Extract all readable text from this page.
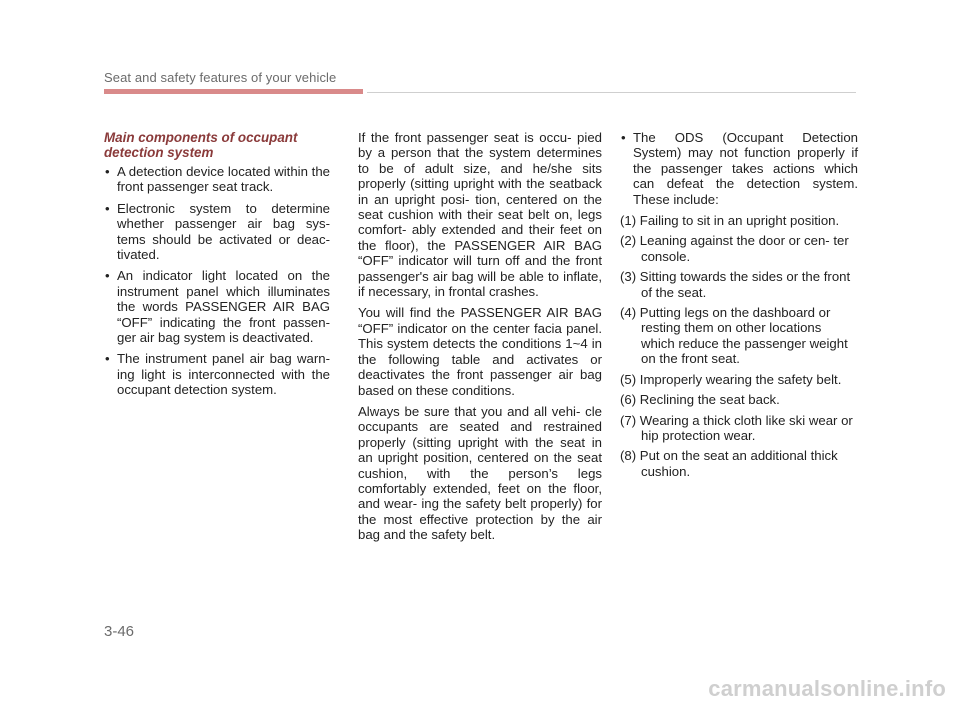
Seat and safety features of your vehicle

Main components of occupant detection system

• A detection device located within the front passenger seat track.

• Electronic system to determine whether passenger air bag sys- tems should be activated or deac- tivated.

• An indicator light located on the instrument panel which illuminates the words PASSENGER AIR BAG “OFF” indicating the front passen- ger air bag system is deactivated.

• The instrument panel air bag warn- ing light is interconnected with the occupant detection system.

If the front passenger seat is occu- pied by a person that the system determines to be of adult size, and he/she sits properly (sitting upright with the seatback in an upright posi- tion, centered on the seat cushion with their seat belt on, legs comfort- ably extended and their feet on the floor), the PASSENGER AIR BAG “OFF” indicator will turn off and the front passenger's air bag will be able to inflate, if necessary, in frontal crashes.

You will find the PASSENGER AIR BAG “OFF” indicator on the center facia panel. This system detects the conditions 1~4 in the following table and activates or deactivates the front passenger air bag based on these conditions.

Always be sure that you and all vehi- cle occupants are seated and restrained properly (sitting upright with the seat in an upright position, centered on the seat cushion, with the person’s legs comfortably extended, feet on the floor, and wear- ing the safety belt properly) for the most effective protection by the air bag and the safety belt.

• The ODS (Occupant Detection System) may not function properly if the passenger takes actions which can defeat the detection system. These include:

(1) Failing to sit in an upright position.

(2) Leaning against the door or cen- ter console.

(3) Sitting towards the sides or the front of the seat.

(4) Putting legs on the dashboard or resting them on other locations which reduce the passenger weight on the front seat.

(5) Improperly wearing the safety belt.

(6) Reclining the seat back.

(7) Wearing a thick cloth like ski wear or hip protection wear.

(8) Put on the seat an additional thick cushion.

3-46
carmanualsonline.info
